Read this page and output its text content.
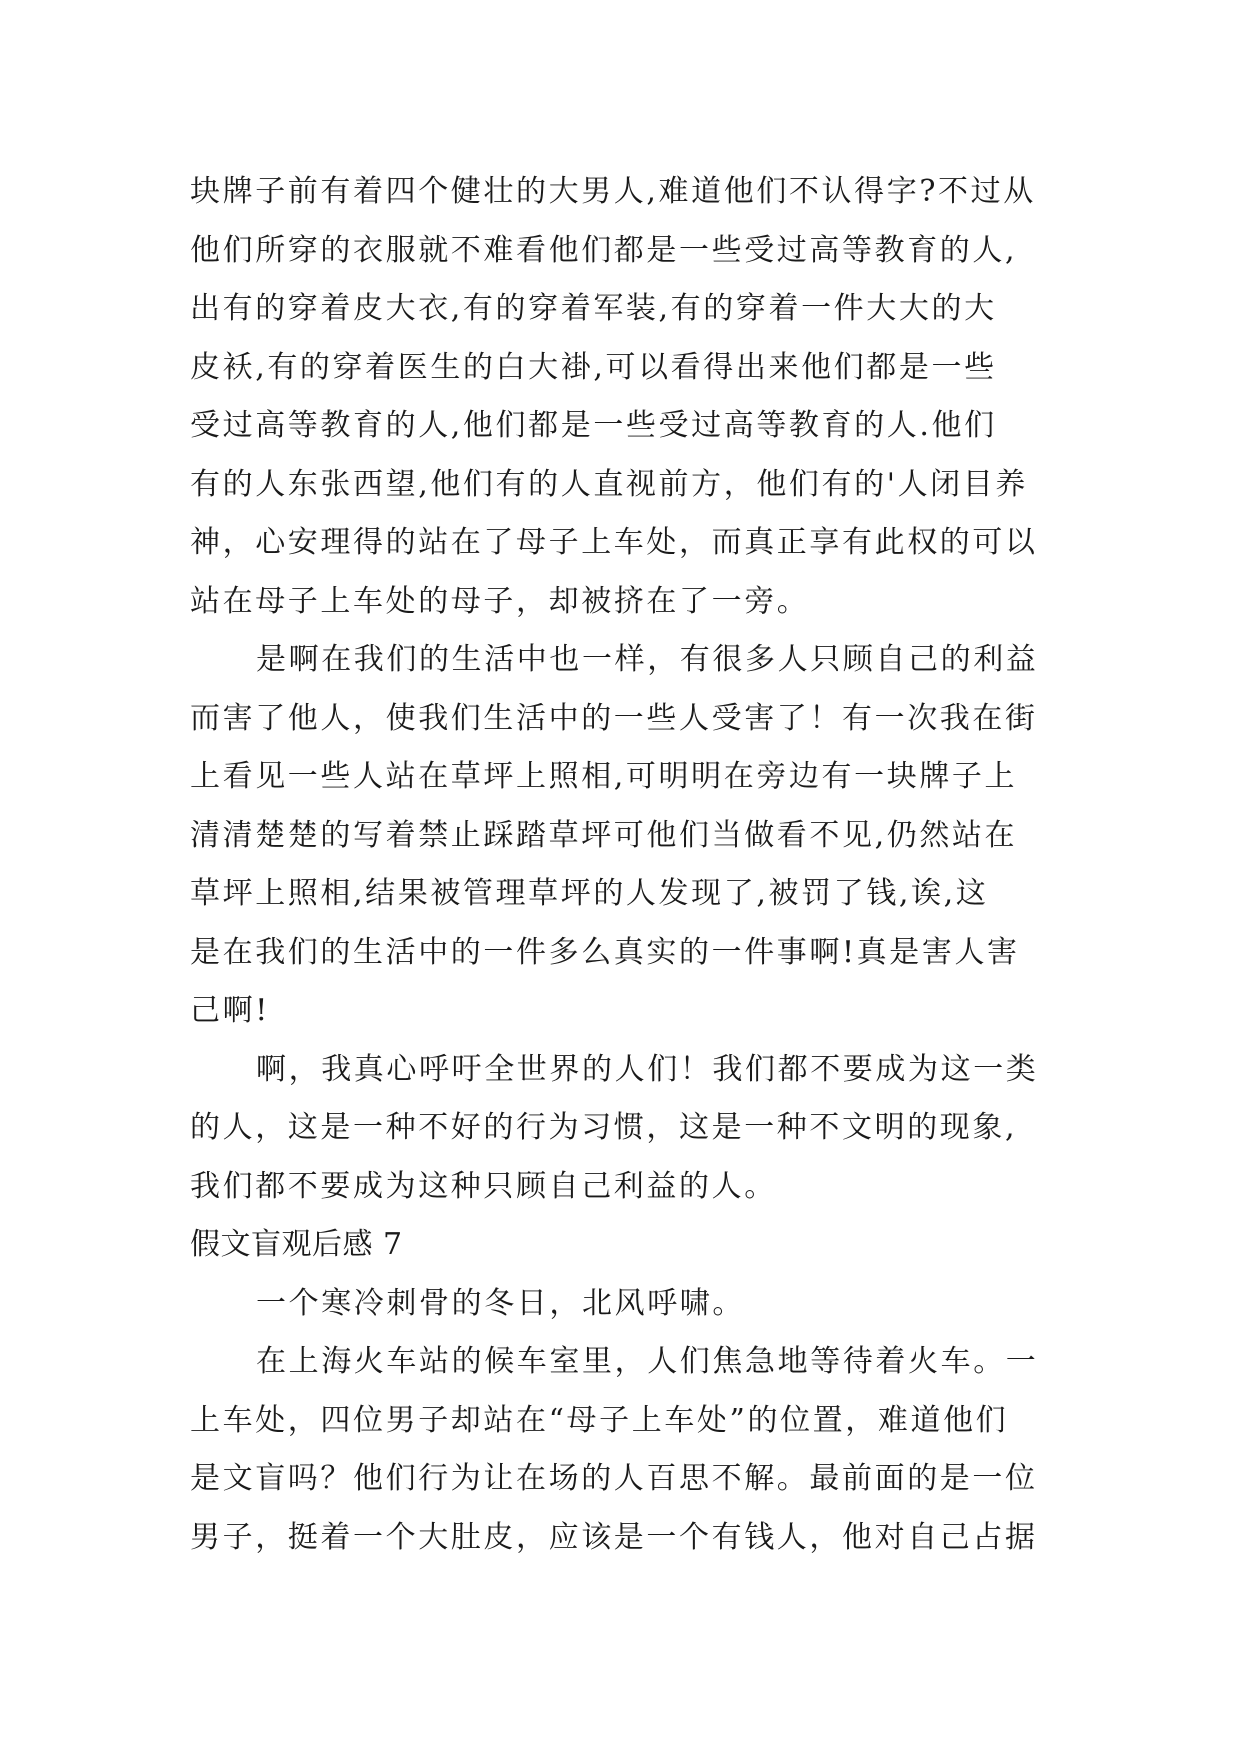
块牌子前有着四个健壮的大男人,难道他们不认得字?不过从
他们所穿的衣服就不难看他们都是一些受过高等教育的人,
出有的穿着皮大衣,有的穿着军装,有的穿着一件大大的大
皮袄,有的穿着医生的白大褂,可以看得出来他们都是一些
受过高等教育的人,他们都是一些受过高等教育的人.他们
有的人东张西望,他们有的人直视前方，他们有的'人闭目养
神，心安理得的站在了母子上车处，而真正享有此权的可以
站在母子上车处的母子，却被挤在了一旁。
是啊在我们的生活中也一样，有很多人只顾自己的利益
而害了他人，使我们生活中的一些人受害了！有一次我在街
上看见一些人站在草坪上照相,可明明在旁边有一块牌子上
清清楚楚的写着禁止踩踏草坪可他们当做看不见,仍然站在
草坪上照相,结果被管理草坪的人发现了,被罚了钱,诶,这
是在我们的生活中的一件多么真实的一件事啊!真是害人害
己啊!
啊，我真心呼吁全世界的人们！我们都不要成为这一类
的人，这是一种不好的行为习惯，这是一种不文明的现象,
我们都不要成为这种只顾自己利益的人。
假文盲观后感 7
一个寒冷刺骨的冬日，北风呼啸。
在上海火车站的候车室里，人们焦急地等待着火车。一
上车处，四位男子却站在“母子上车处”的位置，难道他们
是文盲吗？他们行为让在场的人百思不解。最前面的是一位
男子，挺着一个大肚皮，应该是一个有钱人，他对自己占据
